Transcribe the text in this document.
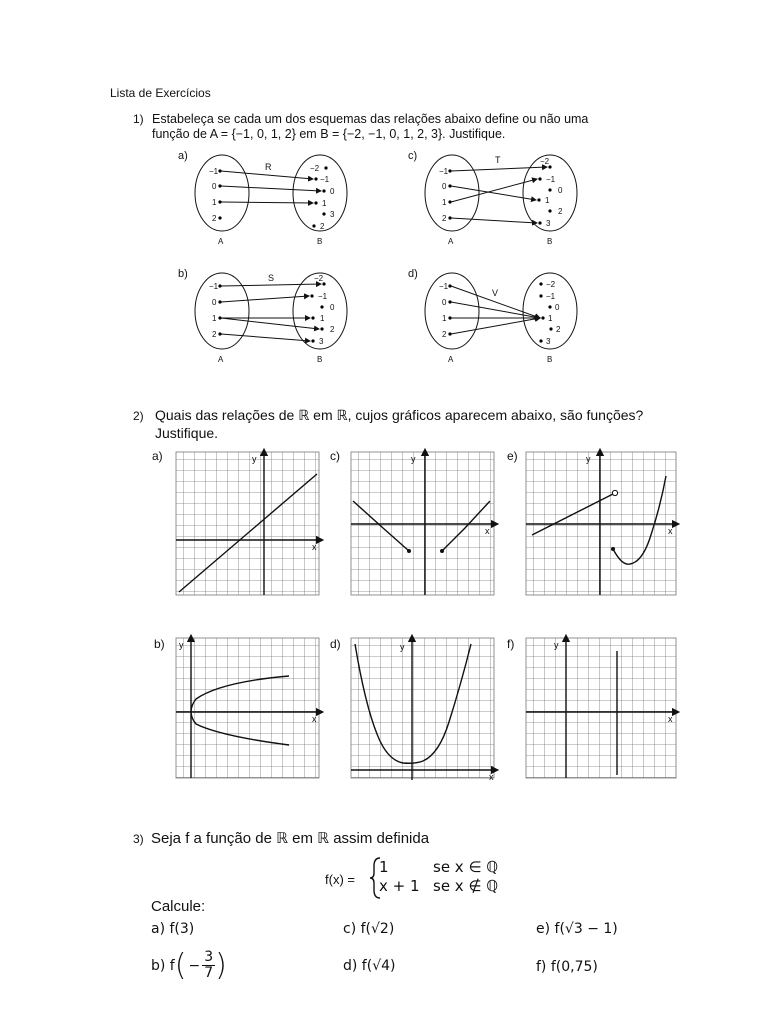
Lista de Exercícios
1) Estabeleça se cada um dos esquemas das relações abaixo define ou não uma
função de A = {−1, 0, 1, 2} em B = {−2, −1, 0, 1, 2, 3}. Justifique.
a)
R
−1
0
1
2
−2
−1
0
1
3
2
A	B
c)	T
−1
0
1
2
−2
−1
0
1
2
3
A	B
b)	S
−1
0
1
2
−2
−1
0
1
2
3
A	B
d)
V
−1
0
1
2
−2
−1
0
1
2
3
A	B
2) Quais das relações de ℝ em ℝ, cujos gráficos aparecem abaixo, são funções?
Justifique.
a)
x
y	c)
x
y	e)
x
y
b)
x
y	d)
x
y	f)
x
y
3) Seja f a função de ℝ em ℝ assim definida
f(x) =
1	se x ∈ ℚ
x + 1 se x ∉ ℚ
Calcule:
a) f(3)	c) f(√2)	e) f(√3 − 1)
b) f ( − $\frac{3}{7}$ )	d) f(√4)	f) f(0,75)
